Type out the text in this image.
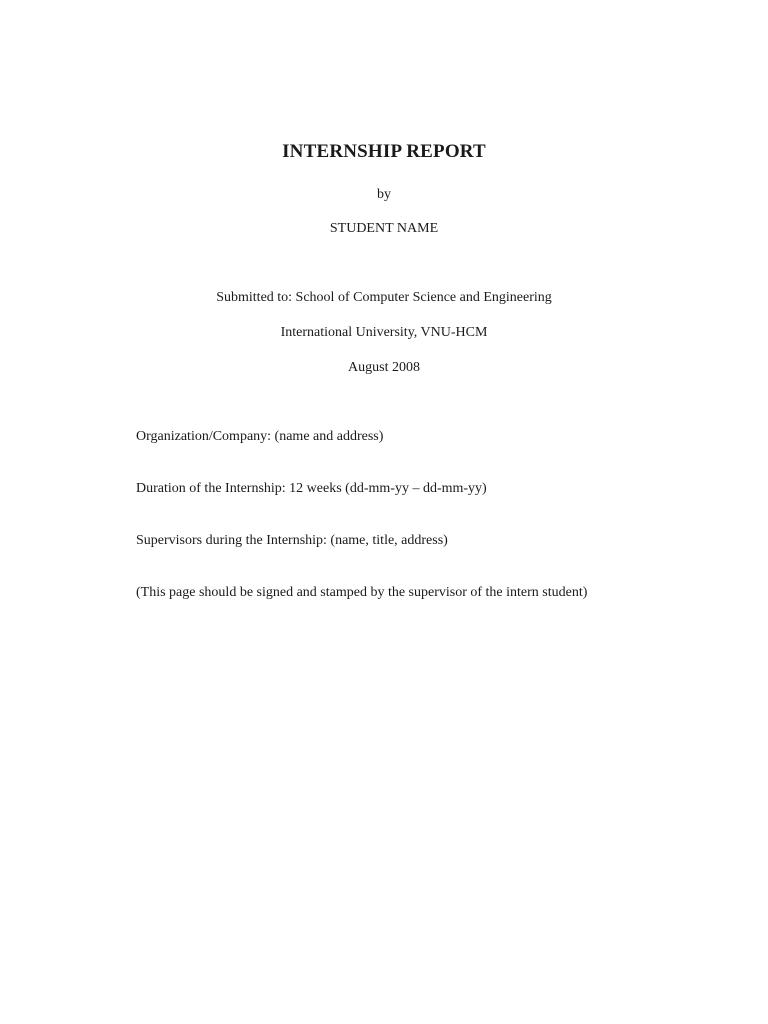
INTERNSHIP REPORT
by
STUDENT NAME
Submitted to: School of Computer Science and Engineering
International University, VNU-HCM
August 2008
Organization/Company: (name and address)
Duration of the Internship: 12 weeks (dd-mm-yy – dd-mm-yy)
Supervisors during the Internship: (name, title, address)
(This page should be signed and stamped by the supervisor of the intern student)
